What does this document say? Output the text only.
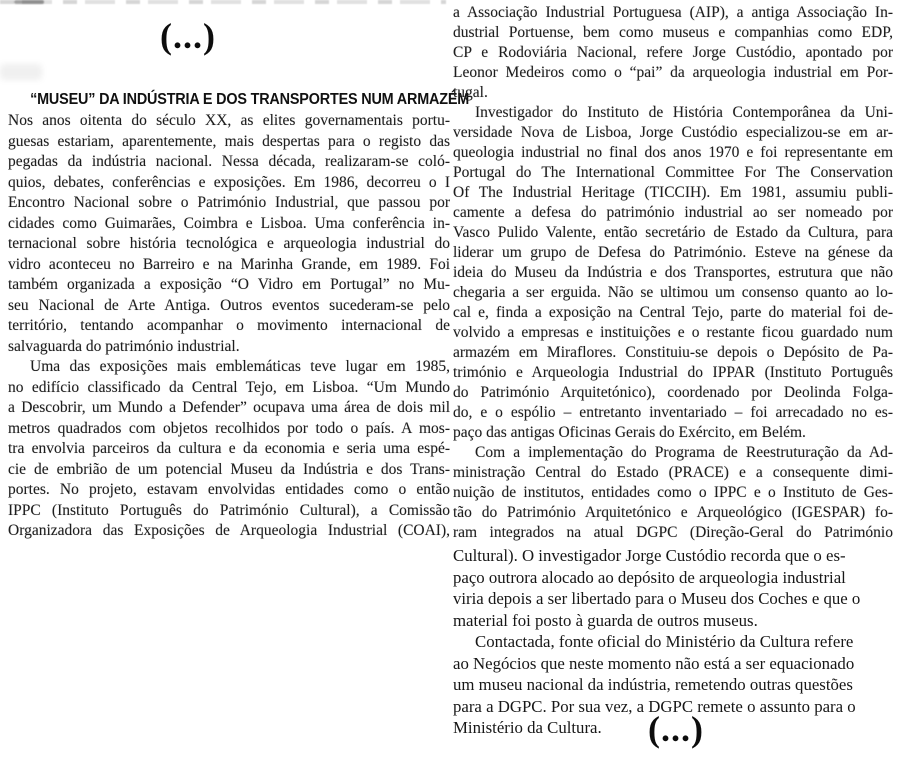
(...)
“MUSEU” DA INDÚSTRIA E DOS TRANSPORTES NUM ARMAZÉM
Nos anos oitenta do século XX, as elites governamentais portu-
guesas estariam, aparentemente, mais despertas para o registo das
pegadas da indústria nacional. Nessa década, realizaram-se coló-
quios, debates, conferências e exposições. Em 1986, decorreu o I
Encontro Nacional sobre o Património Industrial, que passou por
cidades como Guimarães, Coimbra e Lisboa. Uma conferência in-
ternacional sobre história tecnológica e arqueologia industrial do
vidro aconteceu no Barreiro e na Marinha Grande, em 1989. Foi
também organizada a exposição “O Vidro em Portugal” no Mu-
seu Nacional de Arte Antiga. Outros eventos sucederam-se pelo
território, tentando acompanhar o movimento internacional de
salvaguarda do património industrial.
Uma das exposições mais emblemáticas teve lugar em 1985,
no edifício classificado da Central Tejo, em Lisboa. “Um Mundo
a Descobrir, um Mundo a Defender” ocupava uma área de dois mil
metros quadrados com objetos recolhidos por todo o país. A mos-
tra envolvia parceiros da cultura e da economia e seria uma espé-
cie de embrião de um potencial Museu da Indústria e dos Trans-
portes. No projeto, estavam envolvidas entidades como o então
IPPC (Instituto Português do Património Cultural), a Comissão
Organizadora das Exposições de Arqueologia Industrial (COAI),
a Associação Industrial Portuguesa (AIP), a antiga Associação In-
dustrial Portuense, bem como museus e companhias como EDP,
CP e Rodoviária Nacional, refere Jorge Custódio, apontado por
Leonor Medeiros como o “pai” da arqueologia industrial em Por-
tugal.
Investigador do Instituto de História Contemporânea da Uni-
versidade Nova de Lisboa, Jorge Custódio especializou-se em ar-
queologia industrial no final dos anos 1970 e foi representante em
Portugal do The International Committee For The Conservation
Of The Industrial Heritage (TICCIH). Em 1981, assumiu publi-
camente a defesa do património industrial ao ser nomeado por
Vasco Pulido Valente, então secretário de Estado da Cultura, para
liderar um grupo de Defesa do Património. Esteve na génese da
ideia do Museu da Indústria e dos Transportes, estrutura que não
chegaria a ser erguida. Não se ultimou um consenso quanto ao lo-
cal e, finda a exposição na Central Tejo, parte do material foi de-
volvido a empresas e instituições e o restante ficou guardado num
armazém em Miraflores. Constituiu-se depois o Depósito de Pa-
trimónio e Arqueologia Industrial do IPPAR (Instituto Português
do Património Arquitetónico), coordenado por Deolinda Folga-
do, e o espólio – entretanto inventariado – foi arrecadado no es-
paço das antigas Oficinas Gerais do Exército, em Belém.
Com a implementação do Programa de Reestruturação da Ad-
ministração Central do Estado (PRACE) e a consequente dimi-
nuição de institutos, entidades como o IPPC e o Instituto de Ges-
tão do Património Arquitetónico e Arqueológico (IGESPAR) fo-
ram integrados na atual DGPC (Direção-Geral do Património
Cultural). O investigador Jorge Custódio recorda que o es-
paço outrora alocado ao depósito de arqueologia industrial
viria depois a ser libertado para o Museu dos Coches e que o
material foi posto à guarda de outros museus.
Contactada, fonte oficial do Ministério da Cultura refere
ao Negócios que neste momento não está a ser equacionado
um museu nacional da indústria, remetendo outras questões
para a DGPC. Por sua vez, a DGPC remete o assunto para o
Ministério da Cultura.	(...)
